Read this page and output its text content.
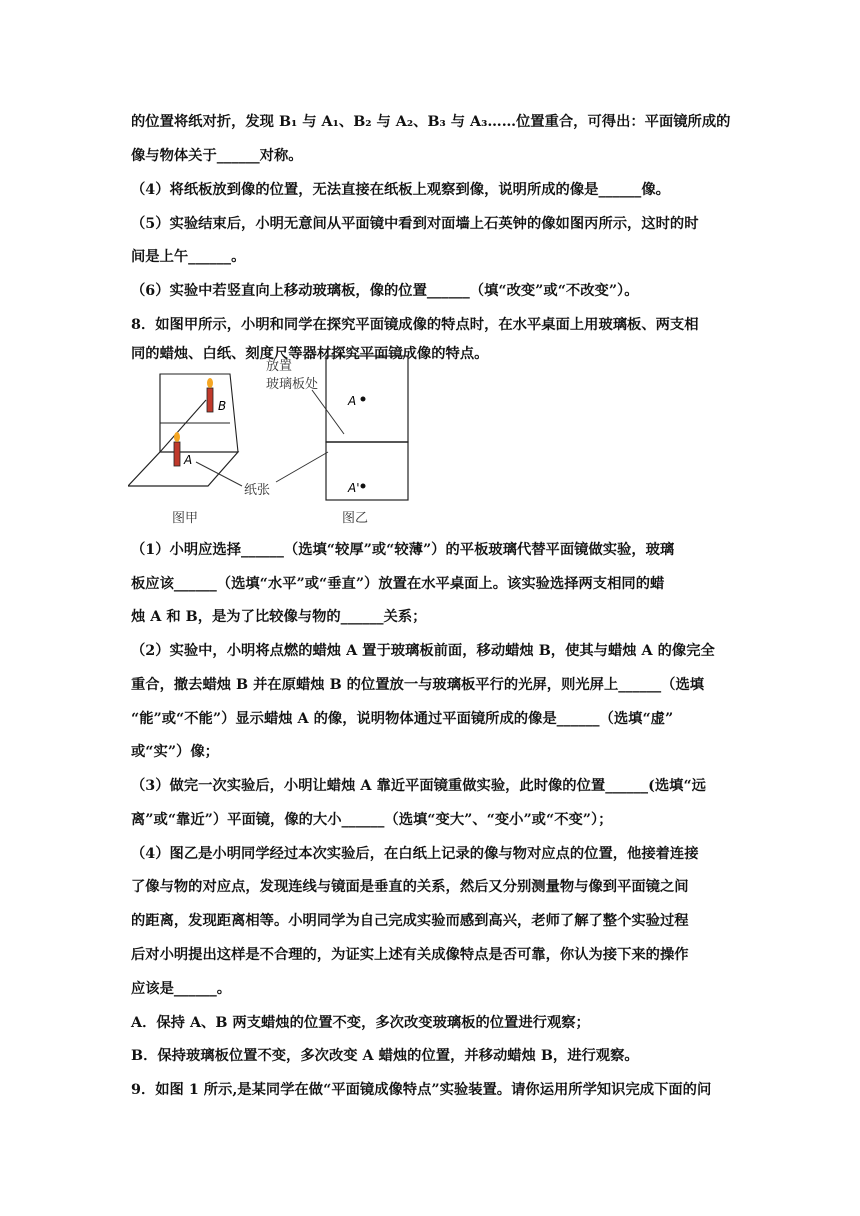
的位置将纸对折，发现 B₁ 与 A₁、B₂ 与 A₂、B₃ 与 A₃……位置重合，可得出：平面镜所成的
像与物体关于______对称。
（4）将纸板放到像的位置，无法直接在纸板上观察到像，说明所成的像是______像。
（5）实验结束后，小明无意间从平面镜中看到对面墙上石英钟的像如图丙所示，这时的时
间是上午______。
（6）实验中若竖直向上移动玻璃板，像的位置______（填“改变”或“不改变”）。
8．如图甲所示，小明和同学在探究平面镜成像的特点时，在水平桌面上用玻璃板、两支相
同的蜡烛、白纸、刻度尺等器材探究平面镜成像的特点。
B
A
A
A'
放置
玻璃板处
纸张
图甲	图乙
（1）小明应选择______（选填“较厚”或“较薄”）的平板玻璃代替平面镜做实验，玻璃
板应该______（选填“水平”或“垂直”）放置在水平桌面上。该实验选择两支相同的蜡
烛 A 和 B，是为了比较像与物的______关系；
（2）实验中，小明将点燃的蜡烛 A 置于玻璃板前面，移动蜡烛 B，使其与蜡烛 A 的像完全
重合，撤去蜡烛 B 并在原蜡烛 B 的位置放一与玻璃板平行的光屏，则光屏上______（选填
“能”或“不能”）显示蜡烛 A 的像，说明物体通过平面镜所成的像是______（选填“虚”
或“实”）像；
（3）做完一次实验后，小明让蜡烛 A 靠近平面镜重做实验，此时像的位置______(选填“远
离”或“靠近”）平面镜，像的大小______（选填“变大”、“变小”或“不变”）；
（4）图乙是小明同学经过本次实验后，在白纸上记录的像与物对应点的位置，他接着连接
了像与物的对应点，发现连线与镜面是垂直的关系，然后又分别测量物与像到平面镜之间
的距离，发现距离相等。小明同学为自己完成实验而感到高兴，老师了解了整个实验过程
后对小明提出这样是不合理的，为证实上述有关成像特点是否可靠，你认为接下来的操作
应该是______。
A．保持 A、B 两支蜡烛的位置不变，多次改变玻璃板的位置进行观察；
B．保持玻璃板位置不变，多次改变 A 蜡烛的位置，并移动蜡烛 B，进行观察。
9．如图 1 所示,是某同学在做“平面镜成像特点”实验装置。请你运用所学知识完成下面的问
